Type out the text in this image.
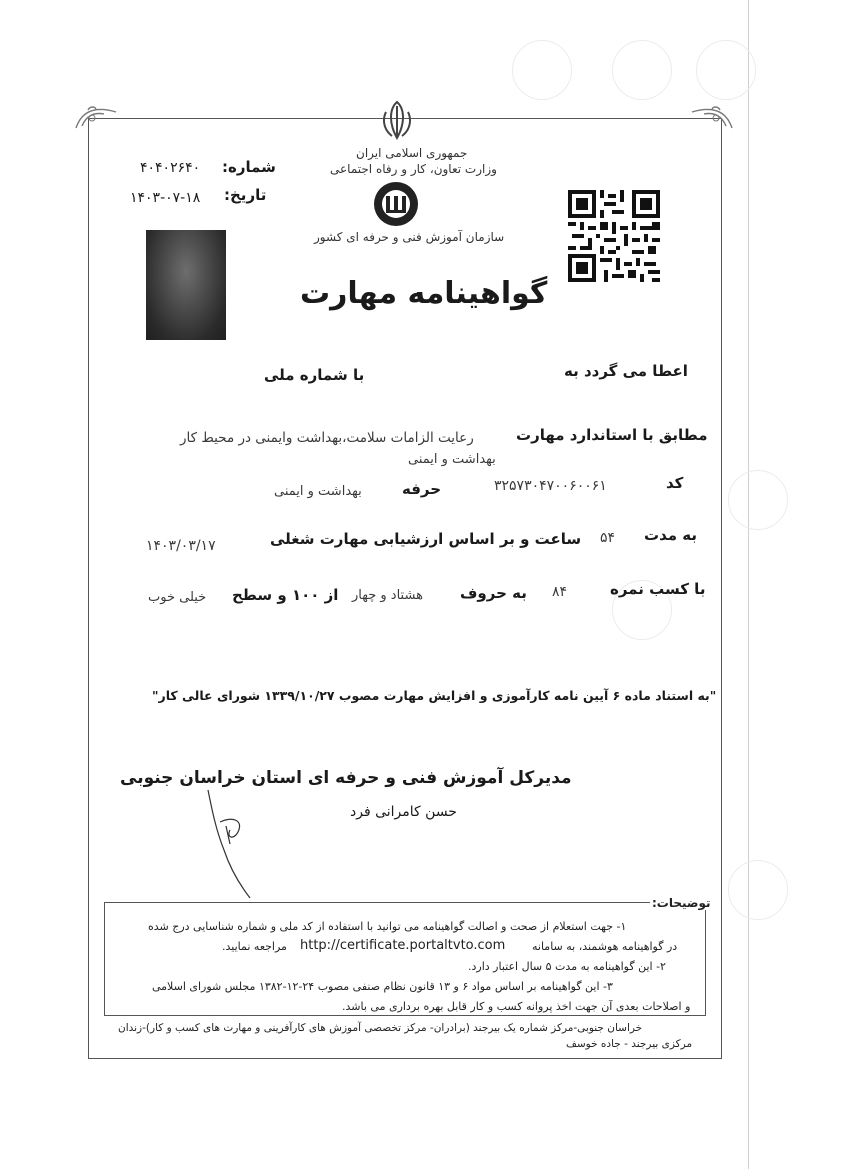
جمهوری اسلامی ایران
وزارت تعاون، کار و رفاه اجتماعی
شماره:
۴۰۴۰۲۶۴۰
تاریخ:
۱۴۰۳-۰۷-۱۸
سازمان آموزش فنی و حرفه ای کشور
گواهینامه مهارت
اعطا می گردد به
با شماره ملی
مطابق با استاندارد مهارت
رعایت الزامات سلامت،بهداشت وایمنی در محیط کار
بهداشت و ایمنی
کد
۳۲۵۷۳۰۴۷۰۰۶۰۰۶۱
حرفه
بهداشت و ایمنی
به مدت
۵۴
ساعت و بر اساس ارزشیابی مهارت شغلی
۱۴۰۳/۰۳/۱۷
با کسب نمره
۸۴
به حروف
هشتاد و چهار
از ۱۰۰ و سطح
خیلی خوب
"به استناد ماده ۶ آیین نامه کارآموزی و افزایش مهارت مصوب ۱۳۳۹/۱۰/۲۷ شورای عالی کار"
مدیرکل آموزش فنی و حرفه ای استان خراسان جنوبی
حسن کامرانی فرد
توضیحات:
۱- جهت استعلام از صحت و اصالت گواهینامه می توانید با استفاده از کد ملی و شماره شناسایی درج شده
در گواهینامه هوشمند، به سامانه
http://certificate.portaltvto.com
مراجعه نمایید.
۲- این گواهینامه به مدت ۵ سال اعتبار دارد.
۳- این گواهینامه بر اساس مواد ۶ و ۱۳ قانون نظام صنفی مصوب ۲۴-۱۲-۱۳۸۲ مجلس شورای اسلامی
و اصلاحات بعدی آن جهت اخذ پروانه کسب و کار قابل بهره برداری می باشد.
خراسان جنوبی-مرکز شماره یک بیرجند (برادران- مرکز تخصصی آموزش های کارآفرینی و مهارت های کسب و کار)-زندان
مرکزی بیرجند - جاده خوسف
